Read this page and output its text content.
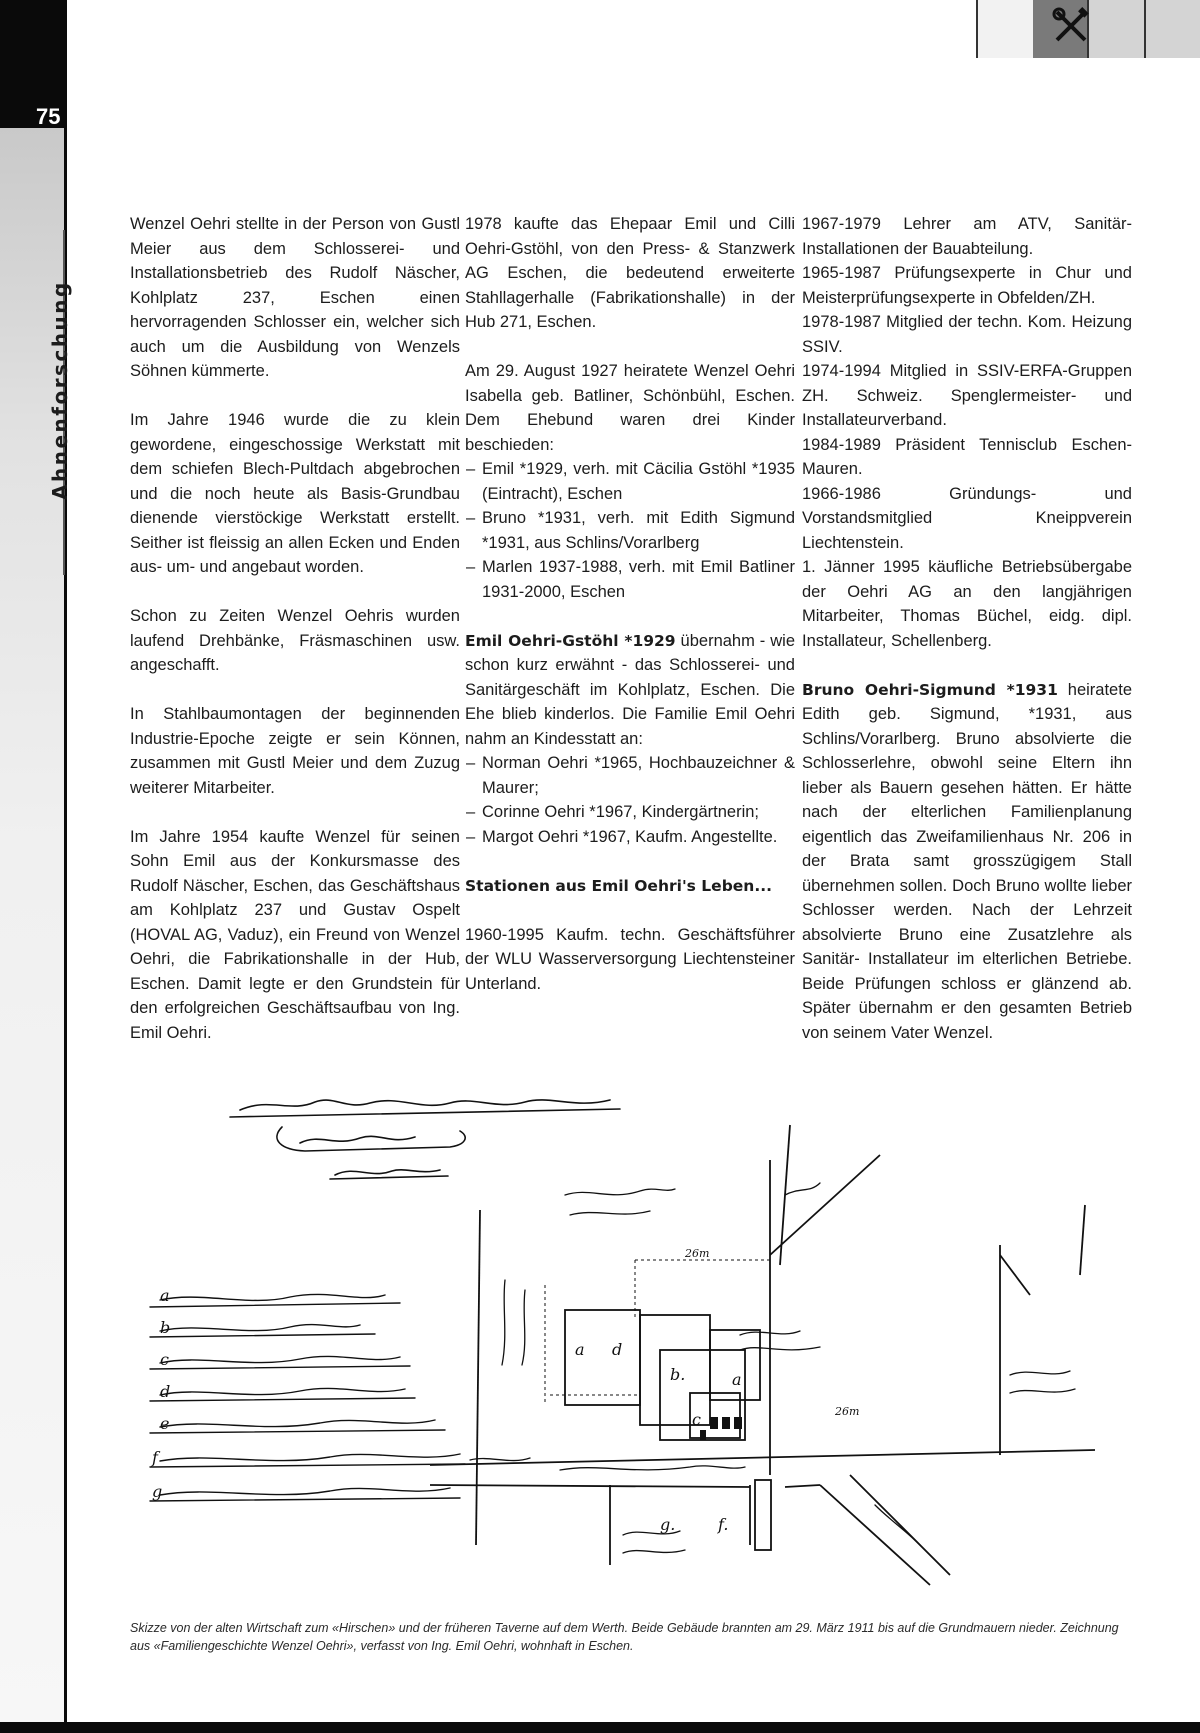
75
Ahnenforschung

Wenzel Oehri stellte in der Person von Gustl Meier aus dem Schlosserei- und Installationsbetrieb des Rudolf Näscher, Kohlplatz 237, Eschen einen hervorragenden Schlosser ein, welcher sich auch um die Ausbildung von Wenzels Söhnen kümmerte.

Im Jahre 1946 wurde die zu klein gewordene, eingeschossige Werkstatt mit dem schiefen Blech-Pultdach abgebrochen und die noch heute als Basis-Grundbau dienende vierstöckige Werkstatt erstellt. Seither ist fleissig an allen Ecken und Enden aus- um- und angebaut worden.

Schon zu Zeiten Wenzel Oehris wurden laufend Drehbänke, Fräsmaschinen usw. angeschafft.

In Stahlbaumontagen der beginnenden Industrie-Epoche zeigte er sein Können, zusammen mit Gustl Meier und dem Zuzug weiterer Mitarbeiter.

Im Jahre 1954 kaufte Wenzel für seinen Sohn Emil aus der Konkursmasse des Rudolf Näscher, Eschen, das Geschäftshaus am Kohlplatz 237 und Gustav Ospelt (HOVAL AG, Vaduz), ein Freund von Wenzel Oehri, die Fabrikationshalle in der Hub, Eschen. Damit legte er den Grundstein für den erfolgreichen Geschäftsaufbau von Ing. Emil Oehri.

1978 kaufte das Ehepaar Emil und Cilli Oehri-Gstöhl, von den Press- & Stanzwerk AG Eschen, die bedeutend erweiterte Stahllagerhalle (Fabrikationshalle) in der Hub 271, Eschen.

Am 29. August 1927 heiratete Wenzel Oehri Isabella geb. Batliner, Schönbühl, Eschen. Dem Ehebund waren drei Kinder beschieden:

– Emil *1929, verh. mit Cäcilia Gstöhl *1935 (Eintracht), Eschen
– Bruno *1931, verh. mit Edith Sigmund *1931, aus Schlins/Vorarlberg
– Marlen 1937-1988, verh. mit Emil Batliner 1931-2000, Eschen

Emil Oehri-Gstöhl *1929 übernahm - wie schon kurz erwähnt - das Schlosserei- und Sanitärgeschäft im Kohlplatz, Eschen. Die Ehe blieb kinderlos. Die Familie Emil Oehri nahm an Kindesstatt an:

– Norman Oehri *1965, Hochbauzeichner & Maurer;
– Corinne Oehri *1967, Kindergärtnerin;
– Margot Oehri *1967, Kaufm. Angestellte.
Stationen aus Emil Oehri's Leben...

1960-1995 Kaufm. techn. Geschäftsführer der WLU Wasserversorgung Liechtensteiner Unterland.

1967-1979 Lehrer am ATV, Sanitär-Installationen der Bauabteilung.

1965-1987 Prüfungsexperte in Chur und Meisterprüfungsexperte in Obfelden/ZH.

1978-1987 Mitglied der techn. Kom. Heizung SSIV.

1974-1994 Mitglied in SSIV-ERFA-Gruppen ZH. Schweiz. Spenglermeister- und Installateurverband.

1984-1989 Präsident Tennisclub Eschen-Mauren.

1966-1986 Gründungs- und Vorstandsmitglied Kneippverein Liechtenstein.

1. Jänner 1995 käufliche Betriebsübergabe der Oehri AG an den langjährigen Mitarbeiter, Thomas Büchel, eidg. dipl. Installateur, Schellenberg.

Bruno Oehri-Sigmund *1931 heiratete Edith geb. Sigmund, *1931, aus Schlins/Vorarlberg. Bruno absolvierte die Schlosserlehre, obwohl seine Eltern ihn lieber als Bauern gesehen hätten. Er hätte nach der elterlichen Familienplanung eigentlich das Zweifamilienhaus Nr. 206 in der Brata samt grosszügigem Stall übernehmen sollen. Doch Bruno wollte lieber Schlosser werden. Nach der Lehrzeit absolvierte Bruno eine Zusatzlehre als Sanitär- Installateur im elterlichen Betriebe. Beide Prüfungen schloss er glänzend ab. Später übernahm er den gesamten Betrieb von seinem Vater Wenzel.

a
b
c
d
e
f
g
d
b.	a
c
g.	f.
a
26m
26m
Skizze von der alten Wirtschaft zum «Hirschen» und der früheren Taverne auf dem Werth. Beide Gebäude brannten am 29. März 1911 bis auf die Grundmauern nieder. Zeichnung aus «Familiengeschichte Wenzel Oehri», verfasst von Ing. Emil Oehri, wohnhaft in Eschen.
